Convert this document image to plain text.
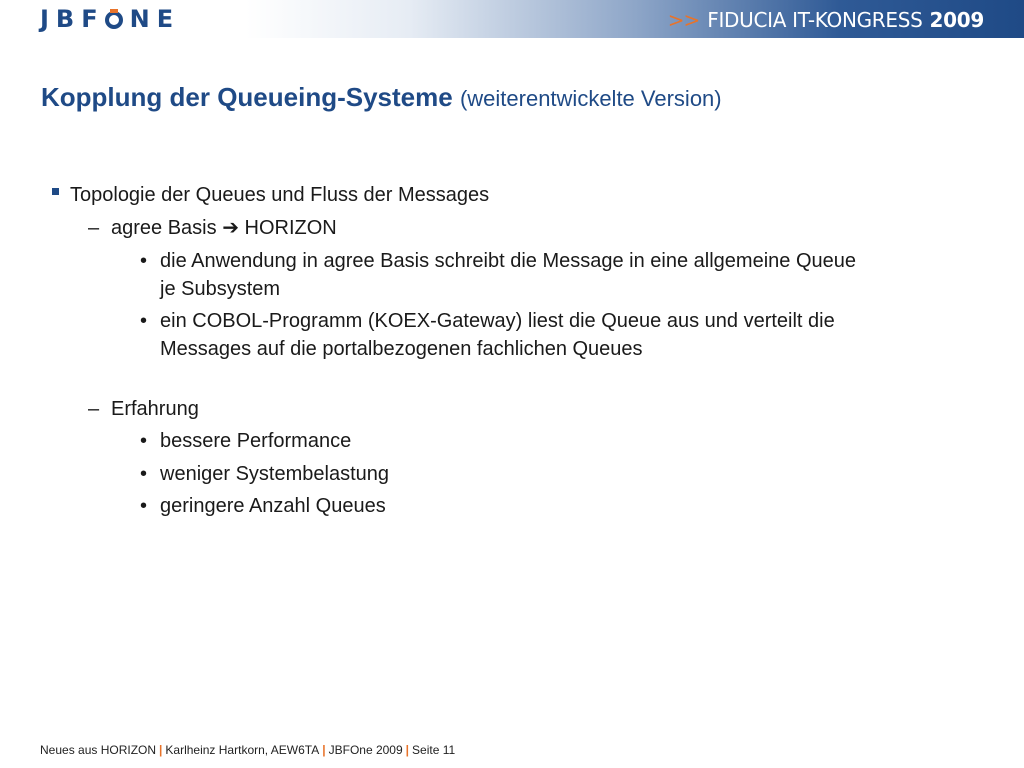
JBF NE	>> FIDUCIA IT-KONGRESS 2009
Kopplung der Queueing-Systeme (weiterentwickelte Version)
Topologie der Queues und Fluss der Messages
– agree Basis ➔ HORIZON
• die Anwendung in agree Basis schreibt die Message in eine allgemeine Queue
je Subsystem
• ein COBOL-Programm (KOEX-Gateway) liest die Queue aus und verteilt die
Messages auf die portalbezogenen fachlichen Queues
– Erfahrung
• bessere Performance
• weniger Systembelastung
• geringere Anzahl Queues
Neues aus HORIZON | Karlheinz Hartkorn, AEW6TA | JBFOne 2009 | Seite 11
